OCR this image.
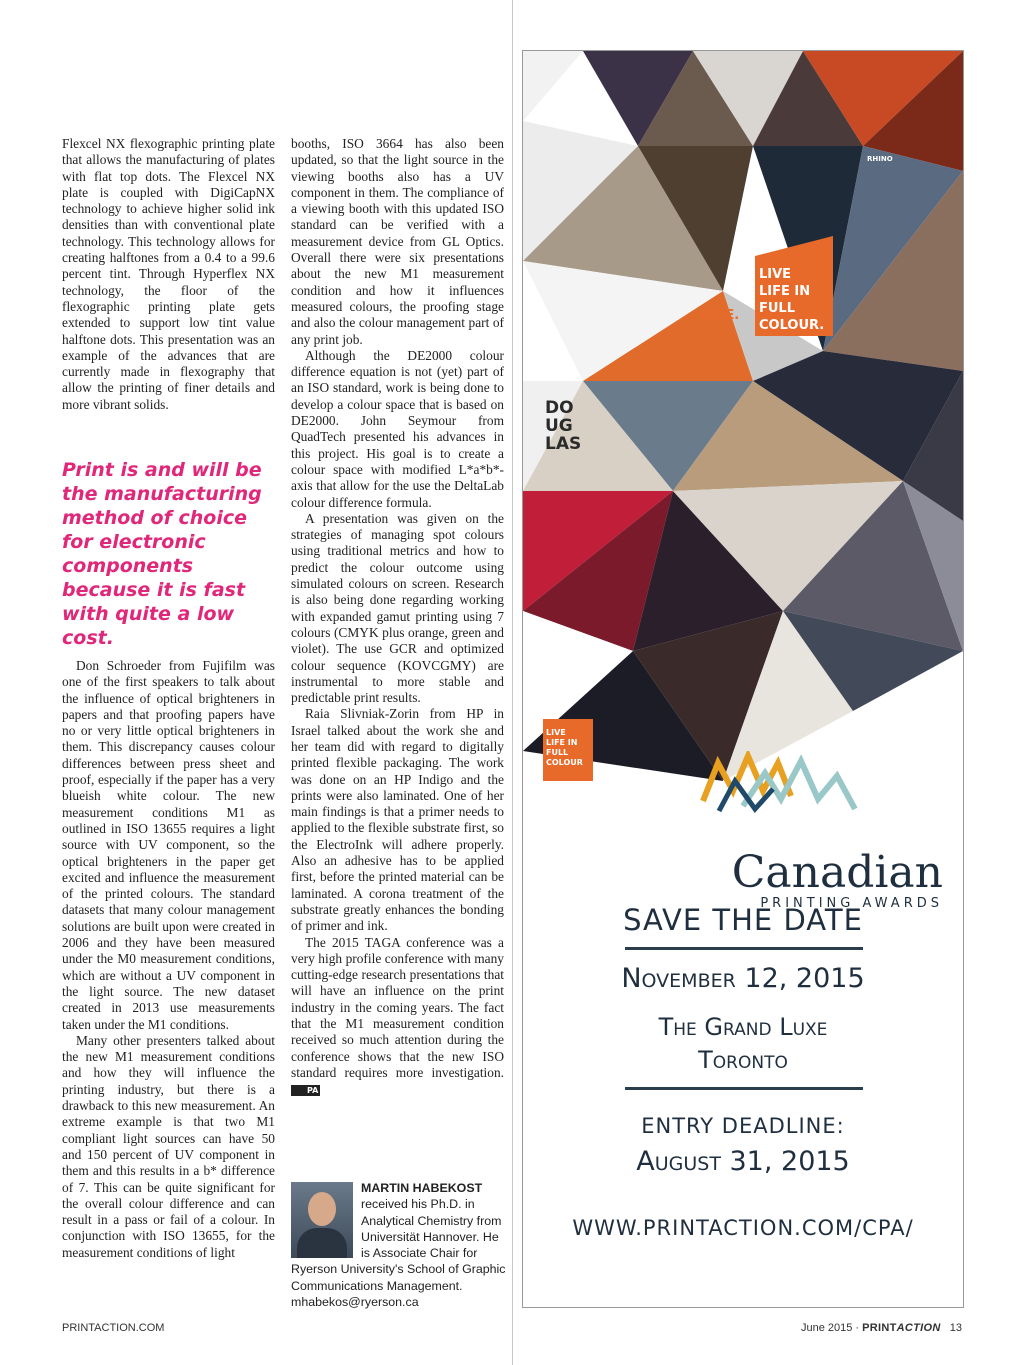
Flexcel NX flexographic printing plate that allows the manufacturing of plates with flat top dots. The Flexcel NX plate is coupled with DigiCapNX technology to achieve higher solid ink densities than with conventional plate technology. This technology allows for creating halftones from a 0.4 to a 99.6 percent tint. Through Hyperflex NX technology, the floor of the flexographic printing plate gets extended to support low tint value halftone dots. This presentation was an example of the advances that are currently made in flexography that allow the printing of finer details and more vibrant solids.

Print is and will be the manufacturing method of choice for electronic components because it is fast with quite a low cost.

Don Schroeder from Fujifilm was one of the first speakers to talk about the influence of optical brighteners in papers and that proofing papers have no or very little optical brighteners in them. This discrepancy causes colour differences between press sheet and proof, especially if the paper has a very blueish white colour. The new measurement conditions M1 as outlined in ISO 13655 requires a light source with UV component, so the optical brighteners in the paper get excited and influence the measurement of the printed colours. The standard datasets that many colour management solutions are built upon were created in 2006 and they have been measured under the M0 measurement conditions, which are without a UV component in the light source. The new dataset created in 2013 use measurements taken under the M1 conditions.

Many other presenters talked about the new M1 measurement conditions and how they will influence the printing industry, but there is a drawback to this new measurement. An extreme example is that two M1 compliant light sources can have 50 and 150 percent of UV component in them and this results in a b* difference of 7. This can be quite significant for the overall colour difference and can result in a pass or fail of a colour. In conjunction with ISO 13655, for the measurement conditions of light

booths, ISO 3664 has also been updated, so that the light source in the viewing booths also has a UV component in them. The compliance of a viewing booth with this updated ISO standard can be verified with a measurement device from GL Optics. Overall there were six presentations about the new M1 measurement condition and how it influences measured colours, the proofing stage and also the colour management part of any print job.

Although the DE2000 colour difference equation is not (yet) part of an ISO standard, work is being done to develop a colour space that is based on DE2000. John Seymour from QuadTech presented his advances in this project. His goal is to create a colour space with modified L*a*b*-axis that allow for the use the DeltaLab colour difference formula.

A presentation was given on the strategies of managing spot colours using traditional metrics and how to predict the colour outcome using simulated colours on screen. Research is also being done regarding working with expanded gamut printing using 7 colours (CMYK plus orange, green and violet). The use GCR and optimized colour sequence (KOVCGMY) are instrumental to more stable and predictable print results.

Raia Slivniak-Zorin from HP in Israel talked about the work she and her team did with regard to digitally printed flexible packaging. The work was done on an HP Indigo and the prints were also laminated. One of her main findings is that a primer needs to applied to the flexible substrate first, so the ElectroInk will adhere properly. Also an adhesive has to be applied first, before the printed material can be laminated. A corona treatment of the substrate greatly enhances the bonding of primer and ink.

The 2015 TAGA conference was a very high profile conference with many cutting-edge research presentations that will have an influence on the print industry in the coming years. The fact that the M1 measurement condition received so much attention during the conference shows that the new ISO standard requires more investigation. PA

MARTIN HABEKOST
received his Ph.D. in Analytical Chemistry from Universität Hannover. He is Associate Chair for Ryerson University's School of Graphic Communications Management. mhabekos@ryerson.ca
LIVE
LIFE IN
FULL
COLOUR.
EIGE.
RHINO
DO
UG
LAS
LIVE
LIFE IN
FULL
COLOUR
Canadian
PRINTING AWARDS
SAVE THE DATE
November 12, 2015
The Grand Luxe
Toronto
ENTRY DEADLINE:
August 31, 2015
WWW.PRINTACTION.COM/CPA/
PRINTACTION.COM	June 2015 · PRINTACTION 13
